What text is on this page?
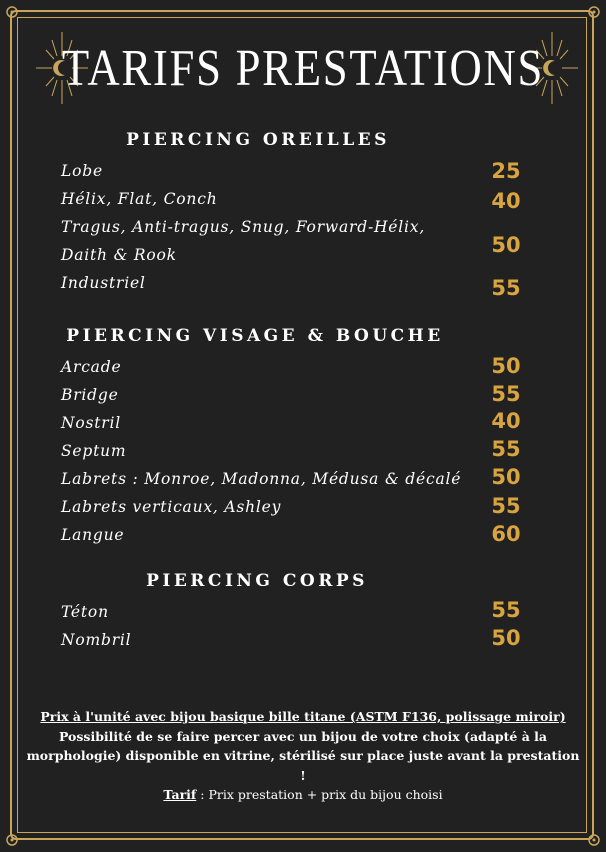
TARIFS PRESTATIONS
PIERCING OREILLES
Lobe	25
Hélix, Flat, Conch	40
Tragus, Anti-tragus, Snug, Forward-Hélix,
Daith & Rook	50
Industriel	55
PIERCING VISAGE & BOUCHE
Arcade	50
Bridge	55
Nostril	40
Septum	55
Labrets : Monroe, Madonna, Médusa & décalé 50
Labrets verticaux, Ashley	55
Langue	60
PIERCING CORPS
Téton	55
Nombril	50
Prix à l'unité avec bijou basique bille titane (ASTM F136, polissage miroir)
Possibilité de se faire percer avec un bijou de votre choix (adapté à la morphologie) disponible en vitrine, stérilisé sur place juste avant la prestation !
Tarif : Prix prestation + prix du bijou choisi
